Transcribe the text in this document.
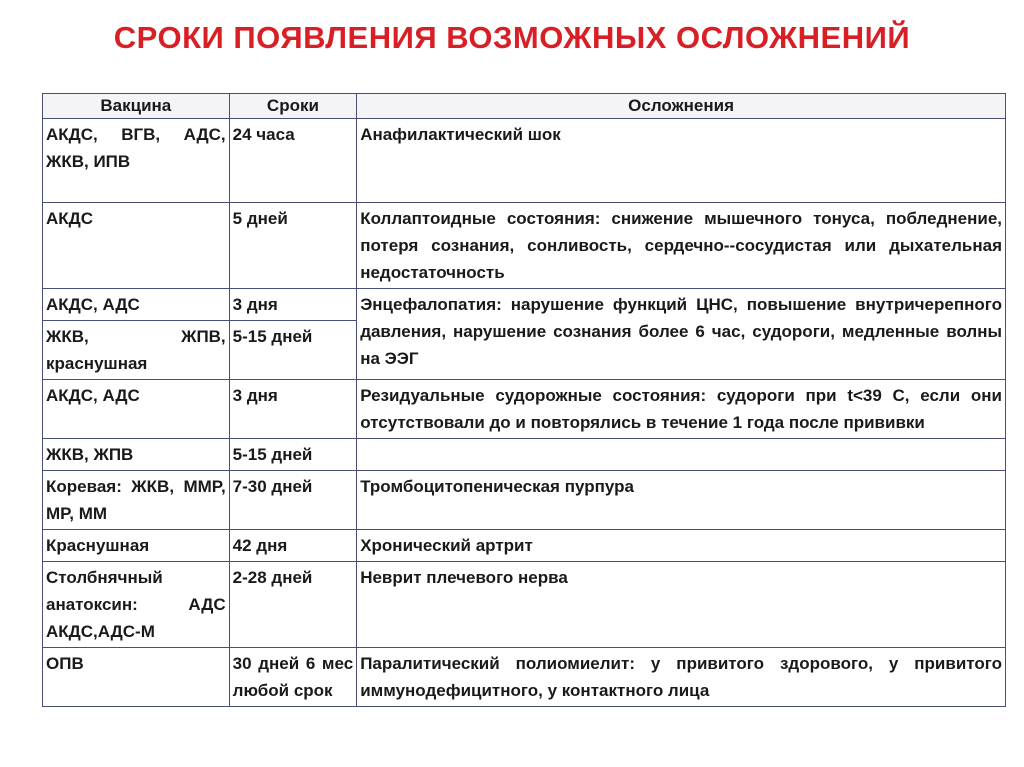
СРОКИ ПОЯВЛЕНИЯ ВОЗМОЖНЫХ ОСЛОЖНЕНИЙ
Вакцина	Сроки	Осложнения
АКДС, ВГВ, АДС, ЖКВ, ИПВ	24 часа	Анафилактический шок
АКДС	5 дней	Коллаптоидные состояния: снижение мышечного тонуса, побледнение, потеря сознания, сонливость, сердечно--сосудистая или дыхательная недостаточность
АКДС, АДС	3 дня	Энцефалопатия: нарушение функций ЦНС, повышение внутричерепного давления, нарушение сознания более 6 час, судороги, медленные волны на ЭЭГ
ЖКВ, ЖПВ, краснушная	5-15 дней	
АКДС, АДС	3 дня	Резидуальные судорожные состояния: судороги при t<39 С, если они отсутствовали до и повторялись в течение 1 года после прививки
ЖКВ, ЖПВ	5-15 дней	
Коревая: ЖКВ, MMP, MP, MM	7-30 дней	Тромбоцитопеническая пурпура
Краснушная	42 дня	Хронический артрит
Столбнячный анатоксин: АДС АКДС,АДС-М	2-28 дней	Неврит плечевого нерва
ОПВ	30 дней 6 мес любой срок	Паралитический полиомиелит: у привитого здорового, у привитого иммунодефицитного, у контактного лица
